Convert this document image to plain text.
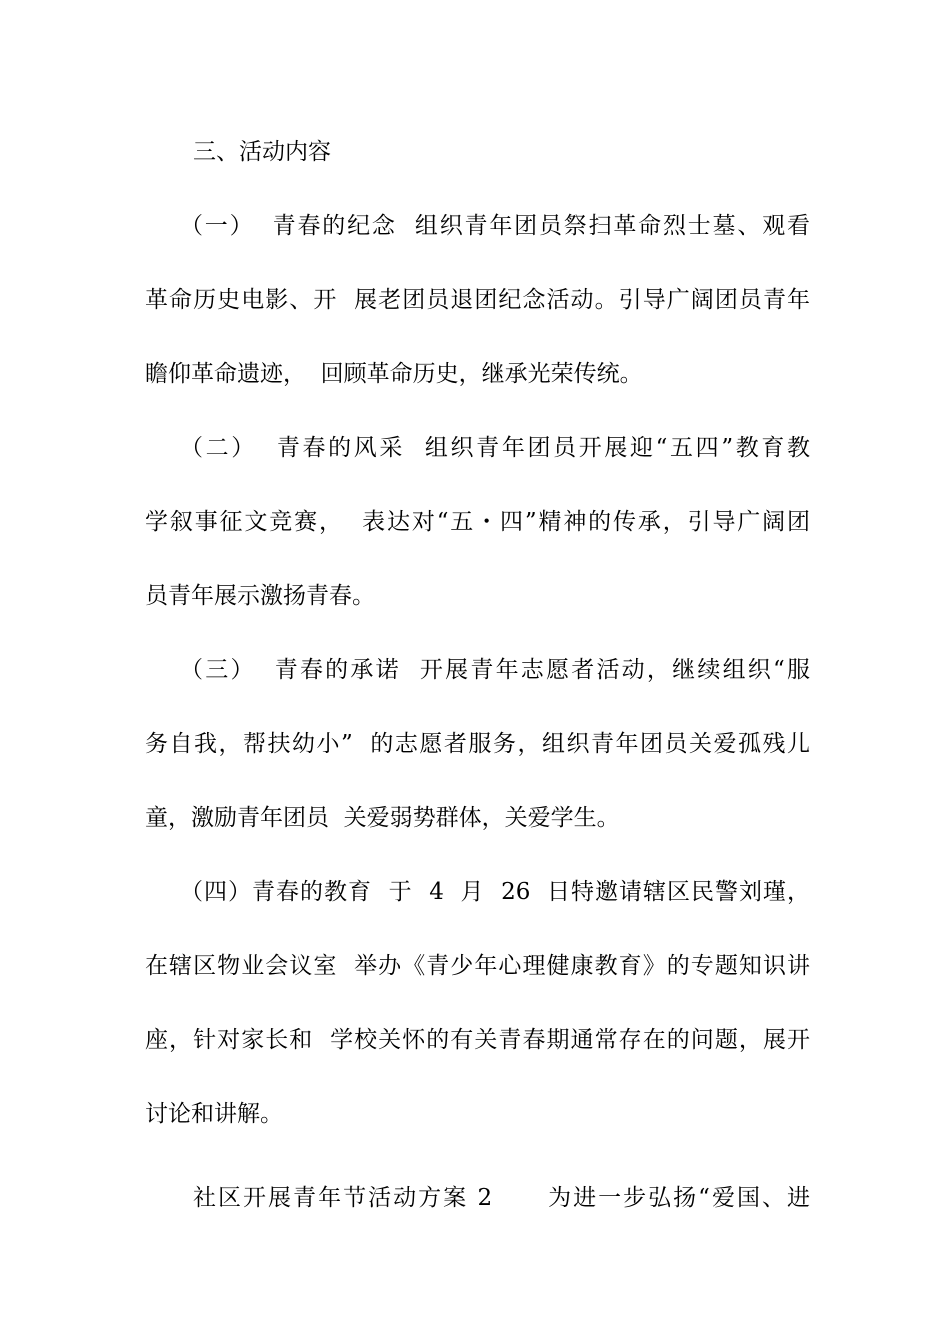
三、活动内容
（一）  青春的纪念  组织青年团员祭扫革命烈士墓、观看
革命历史电影、开  展老团员退团纪念活动。引导广阔团员青年
瞻仰革命遗迹，  回顾革命历史，继承光荣传统。
（二）  青春的风采  组织青年团员开展迎“五四”教育教
学叙事征文竞赛，  表达对“五・四”精神的传承，引导广阔团
员青年展示激扬青春。
（三）  青春的承诺  开展青年志愿者活动，继续组织“服
务自我，帮扶幼小”  的志愿者服务，组织青年团员关爱孤残儿
童，激励青年团员  关爱弱势群体，关爱学生。
（四）青春的教育  于  4  月  26  日特邀请辖区民警刘瑾，
在辖区物业会议室  举办《青少年心理健康教育》的专题知识讲
座，针对家长和  学校关怀的有关青春期通常存在的问题，展开
讨论和讲解。
社区开展青年节活动方案 2      为进一步弘扬“爱国、进
